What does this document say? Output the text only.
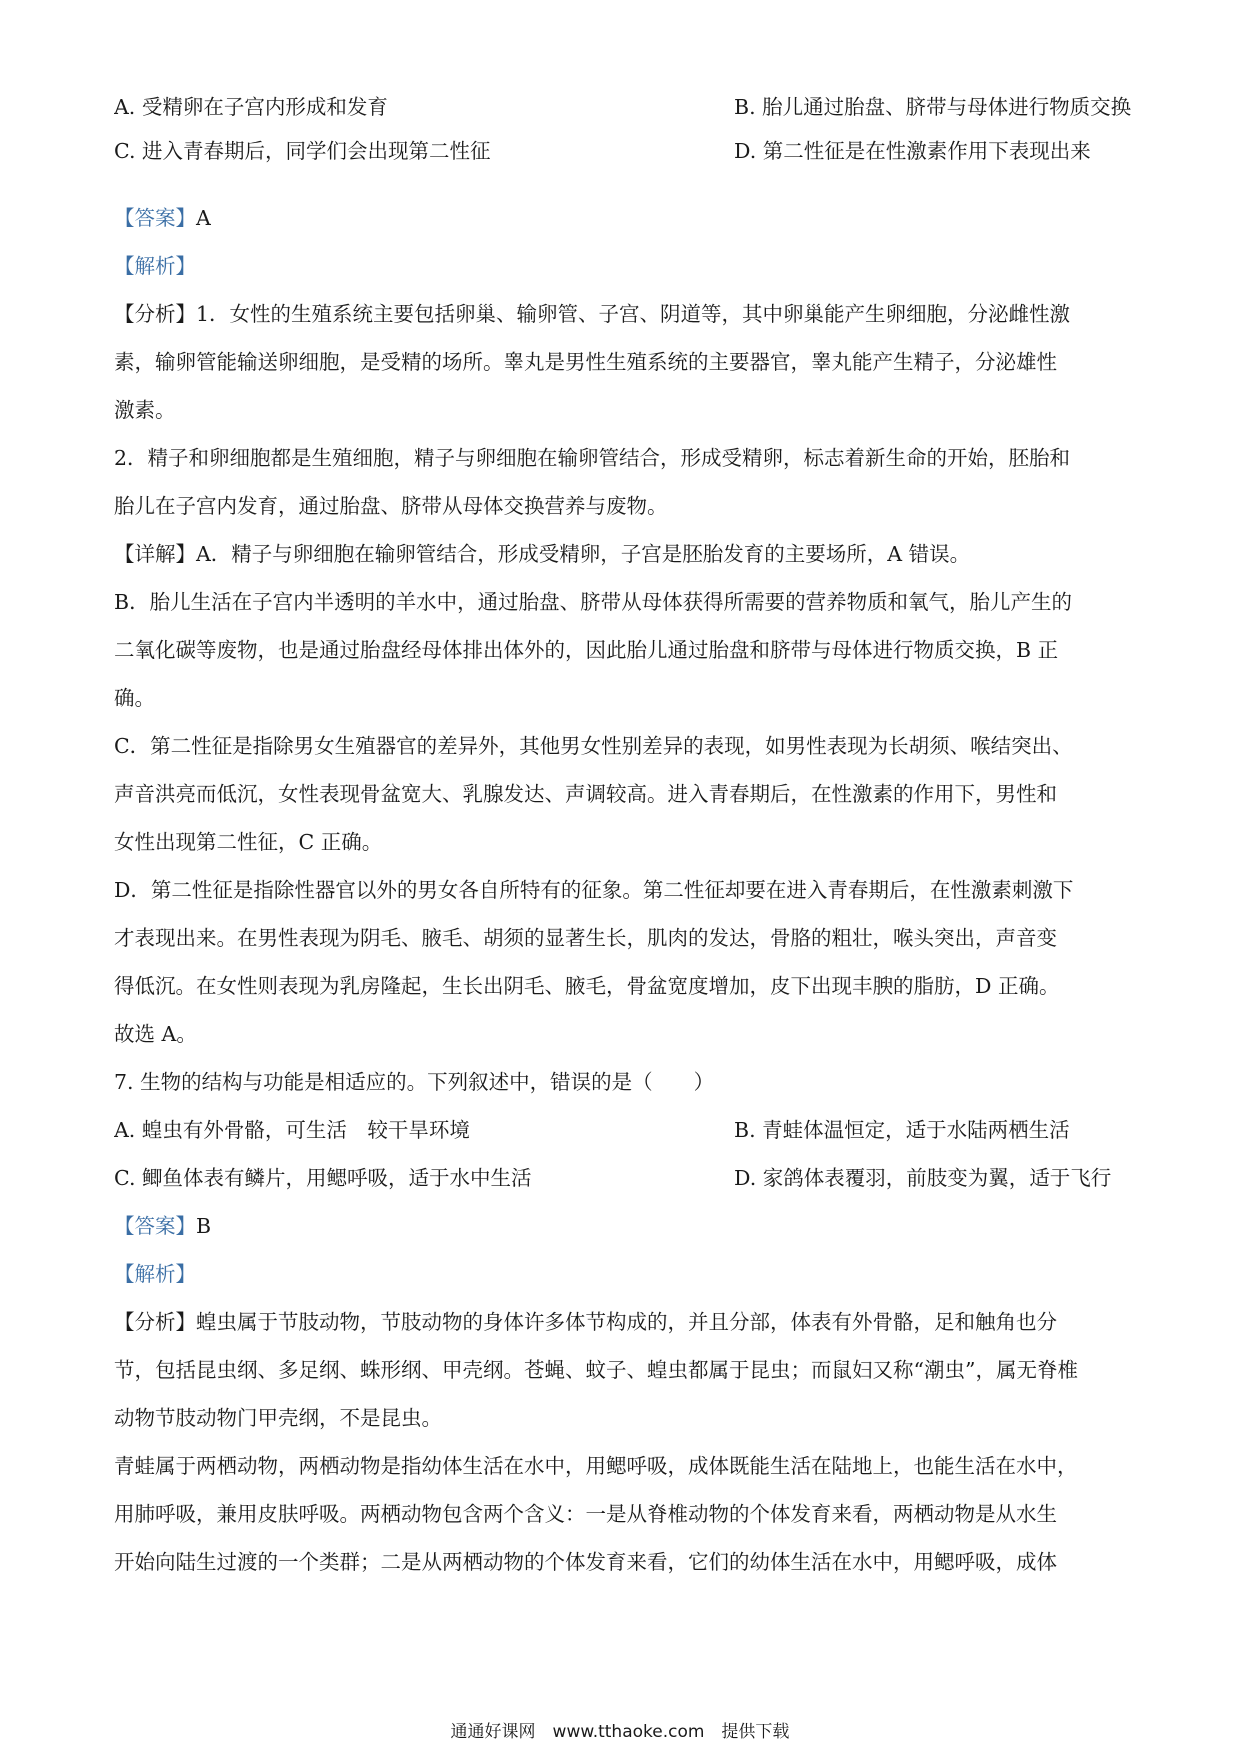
A. 受精卵在子宫内形成和发育	B. 胎儿通过胎盘、脐带与母体进行物质交换
C. 进入青春期后，同学们会出现第二性征	D. 第二性征是在性激素作用下表现出来
【答案】A
【解析】
【分析】1．女性的生殖系统主要包括卵巢、输卵管、子宫、阴道等，其中卵巢能产生卵细胞，分泌雌性激
素，输卵管能输送卵细胞，是受精的场所。睾丸是男性生殖系统的主要器官，睾丸能产生精子，分泌雄性
激素。
2．精子和卵细胞都是生殖细胞，精子与卵细胞在输卵管结合，形成受精卵，标志着新生命的开始，胚胎和
胎儿在子宫内发育，通过胎盘、脐带从母体交换营养与废物。
【详解】A．精子与卵细胞在输卵管结合，形成受精卵，子宫是胚胎发育的主要场所，A 错误。
B．胎儿生活在子宫内半透明的羊水中，通过胎盘、脐带从母体获得所需要的营养物质和氧气，胎儿产生的
二氧化碳等废物，也是通过胎盘经母体排出体外的，因此胎儿通过胎盘和脐带与母体进行物质交换，B 正
确。
C．第二性征是指除男女生殖器官的差异外，其他男女性别差异的表现，如男性表现为长胡须、喉结突出、
声音洪亮而低沉，女性表现骨盆宽大、乳腺发达、声调较高。进入青春期后，在性激素的作用下，男性和
女性出现第二性征，C 正确。
D．第二性征是指除性器官以外的男女各自所特有的征象。第二性征却要在进入青春期后，在性激素刺激下
才表现出来。在男性表现为阴毛、腋毛、胡须的显著生长，肌肉的发达，骨胳的粗壮，喉头突出，声音变
得低沉。在女性则表现为乳房隆起，生长出阴毛、腋毛，骨盆宽度增加，皮下出现丰腴的脂肪，D 正确。
故选 A。
7. 生物的结构与功能是相适应的。下列叙述中，错误的是（　　）
A. 蝗虫有外骨骼，可生活　较干旱环境	B. 青蛙体温恒定，适于水陆两栖生活
C. 鲫鱼体表有鳞片，用鳃呼吸，适于水中生活	D. 家鸽体表覆羽，前肢变为翼，适于飞行
【答案】B
【解析】
【分析】蝗虫属于节肢动物，节肢动物的身体许多体节构成的，并且分部，体表有外骨骼，足和触角也分
节，包括昆虫纲、多足纲、蛛形纲、甲壳纲。苍蝇、蚊子、蝗虫都属于昆虫；而鼠妇又称“潮虫”，属无脊椎
动物节肢动物门甲壳纲，不是昆虫。
青蛙属于两栖动物，两栖动物是指幼体生活在水中，用鳃呼吸，成体既能生活在陆地上，也能生活在水中，
用肺呼吸，兼用皮肤呼吸。两栖动物包含两个含义：一是从脊椎动物的个体发育来看，两栖动物是从水生
开始向陆生过渡的一个类群；二是从两栖动物的个体发育来看，它们的幼体生活在水中，用鳃呼吸，成体
通通好课网　www.tthaoke.com　提供下载
